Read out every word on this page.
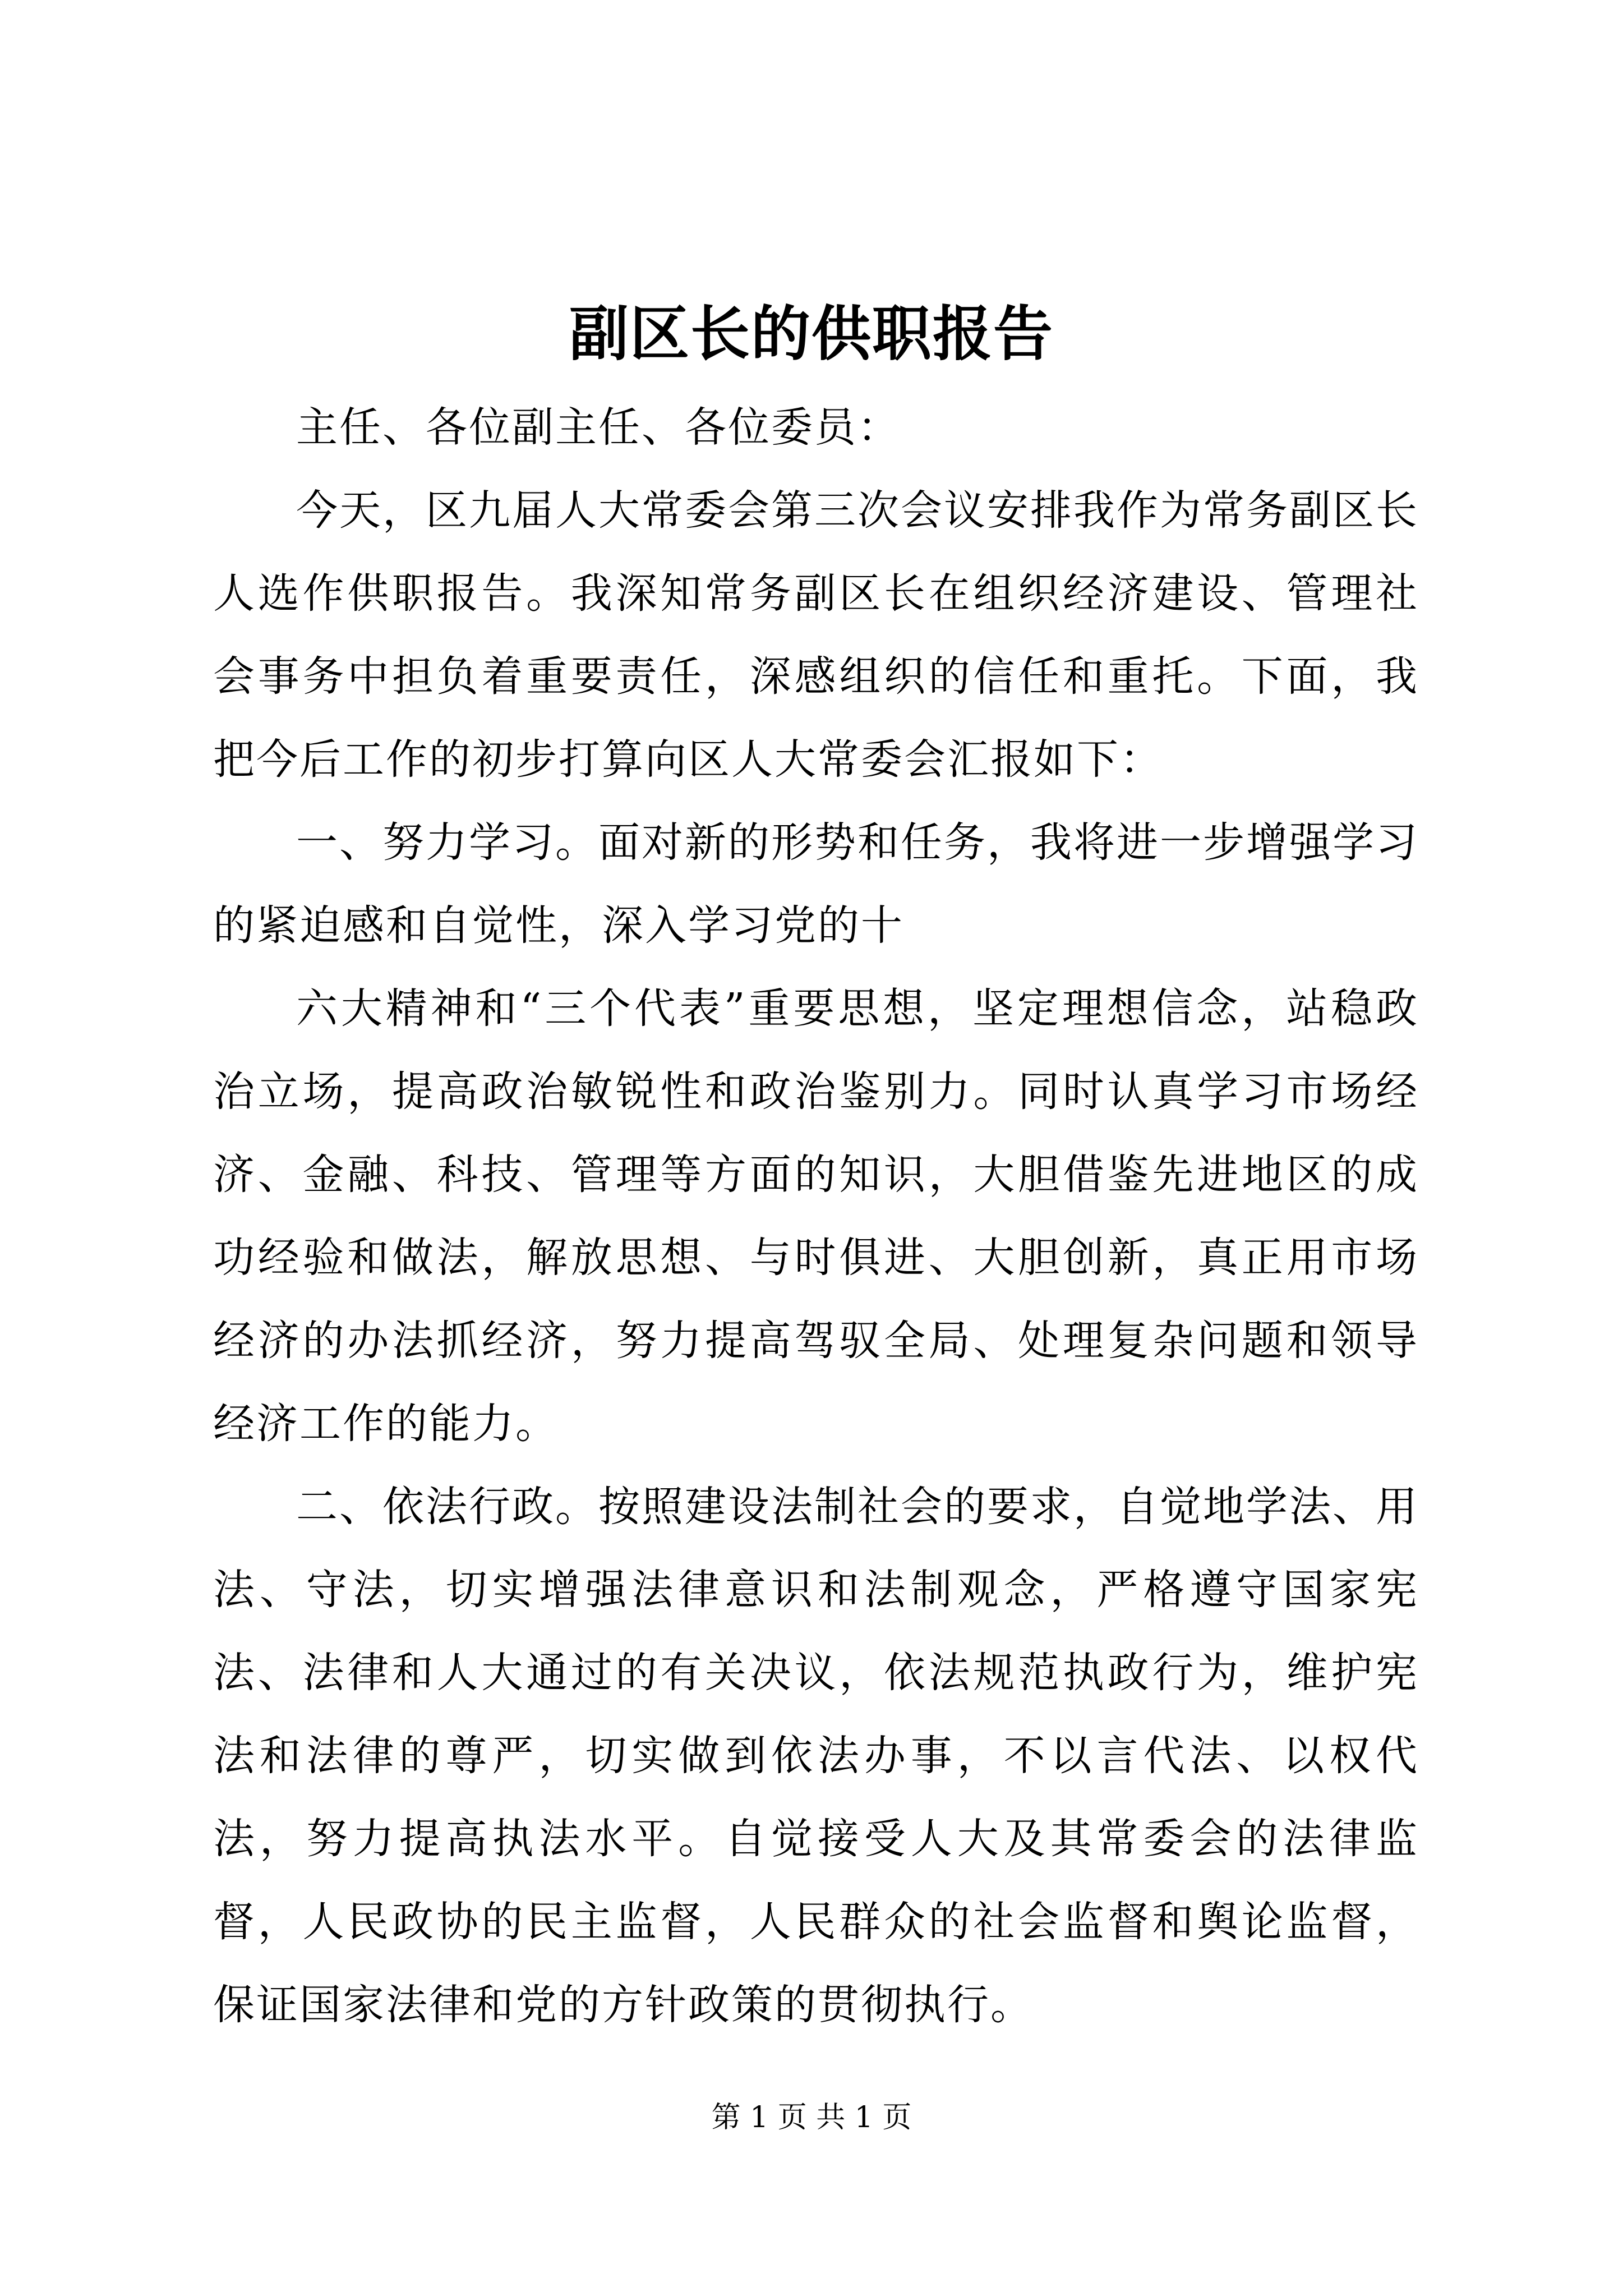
副区长的供职报告

主任、各位副主任、各位委员：

今天，区九届人大常委会第三次会议安排我作为常务副区长人选作供职报告。我深知常务副区长在组织经济建设、管理社会事务中担负着重要责任，深感组织的信任和重托。下面，我把今后工作的初步打算向区人大常委会汇报如下：

一、努力学习。面对新的形势和任务，我将进一步增强学习的紧迫感和自觉性，深入学习党的十

六大精神和“三个代表”重要思想，坚定理想信念，站稳政治立场，提高政治敏锐性和政治鉴别力。同时认真学习市场经济、金融、科技、管理等方面的知识，大胆借鉴先进地区的成功经验和做法，解放思想、与时俱进、大胆创新，真正用市场经济的办法抓经济，努力提高驾驭全局、处理复杂问题和领导经济工作的能力。

二、依法行政。按照建设法制社会的要求，自觉地学法、用法、守法，切实增强法律意识和法制观念，严格遵守国家宪法、法律和人大通过的有关决议，依法规范执政行为，维护宪法和法律的尊严，切实做到依法办事，不以言代法、以权代法，努力提高执法水平。自觉接受人大及其常委会的法律监督，人民政协的民主监督，人民群众的社会监督和舆论监督，保证国家法律和党的方针政策的贯彻执行。

第 1 页 共 1 页
